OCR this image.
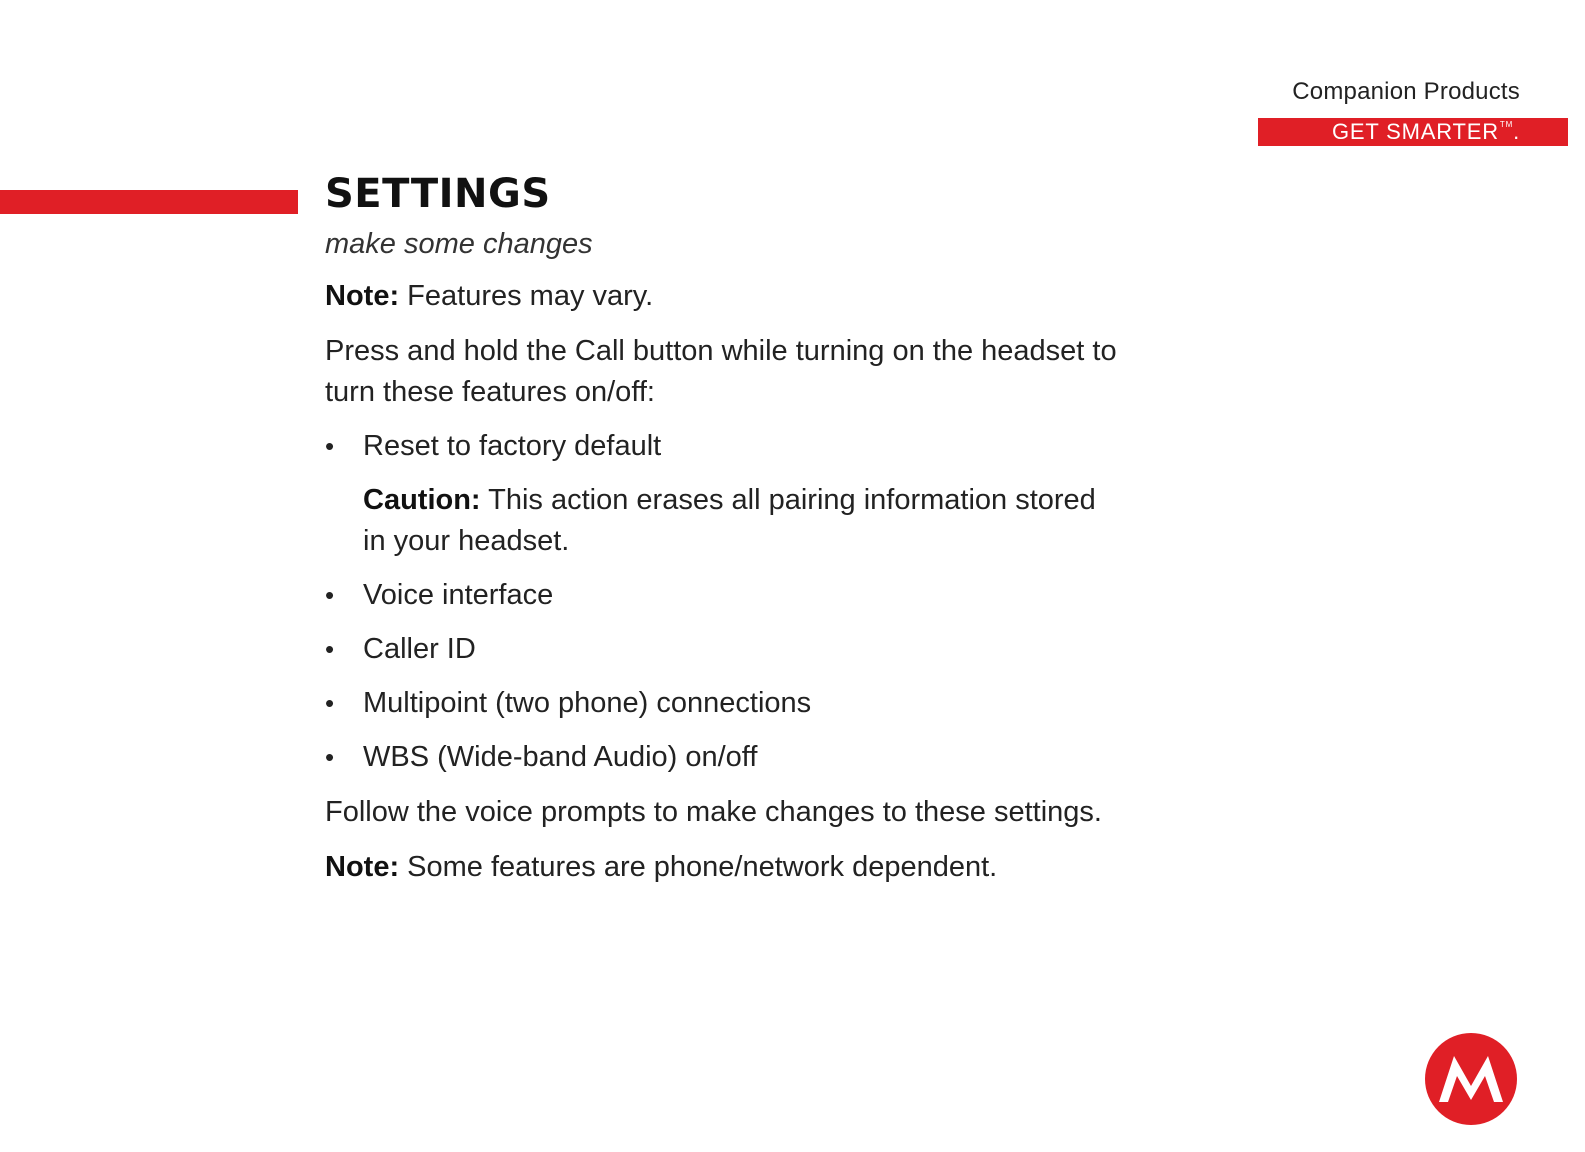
Companion Products
GET SMARTER™.
SETTINGS
make some changes

Note: Features may vary.

Press and hold the Call button while turning on the headset to turn these features on/off:

• Reset to factory default

Caution: This action erases all pairing information stored in your headset.

• Voice interface
• Caller ID
• Multipoint (two phone) connections
• WBS (Wide-band Audio) on/off

Follow the voice prompts to make changes to these settings.

Note: Some features are phone/network dependent.
